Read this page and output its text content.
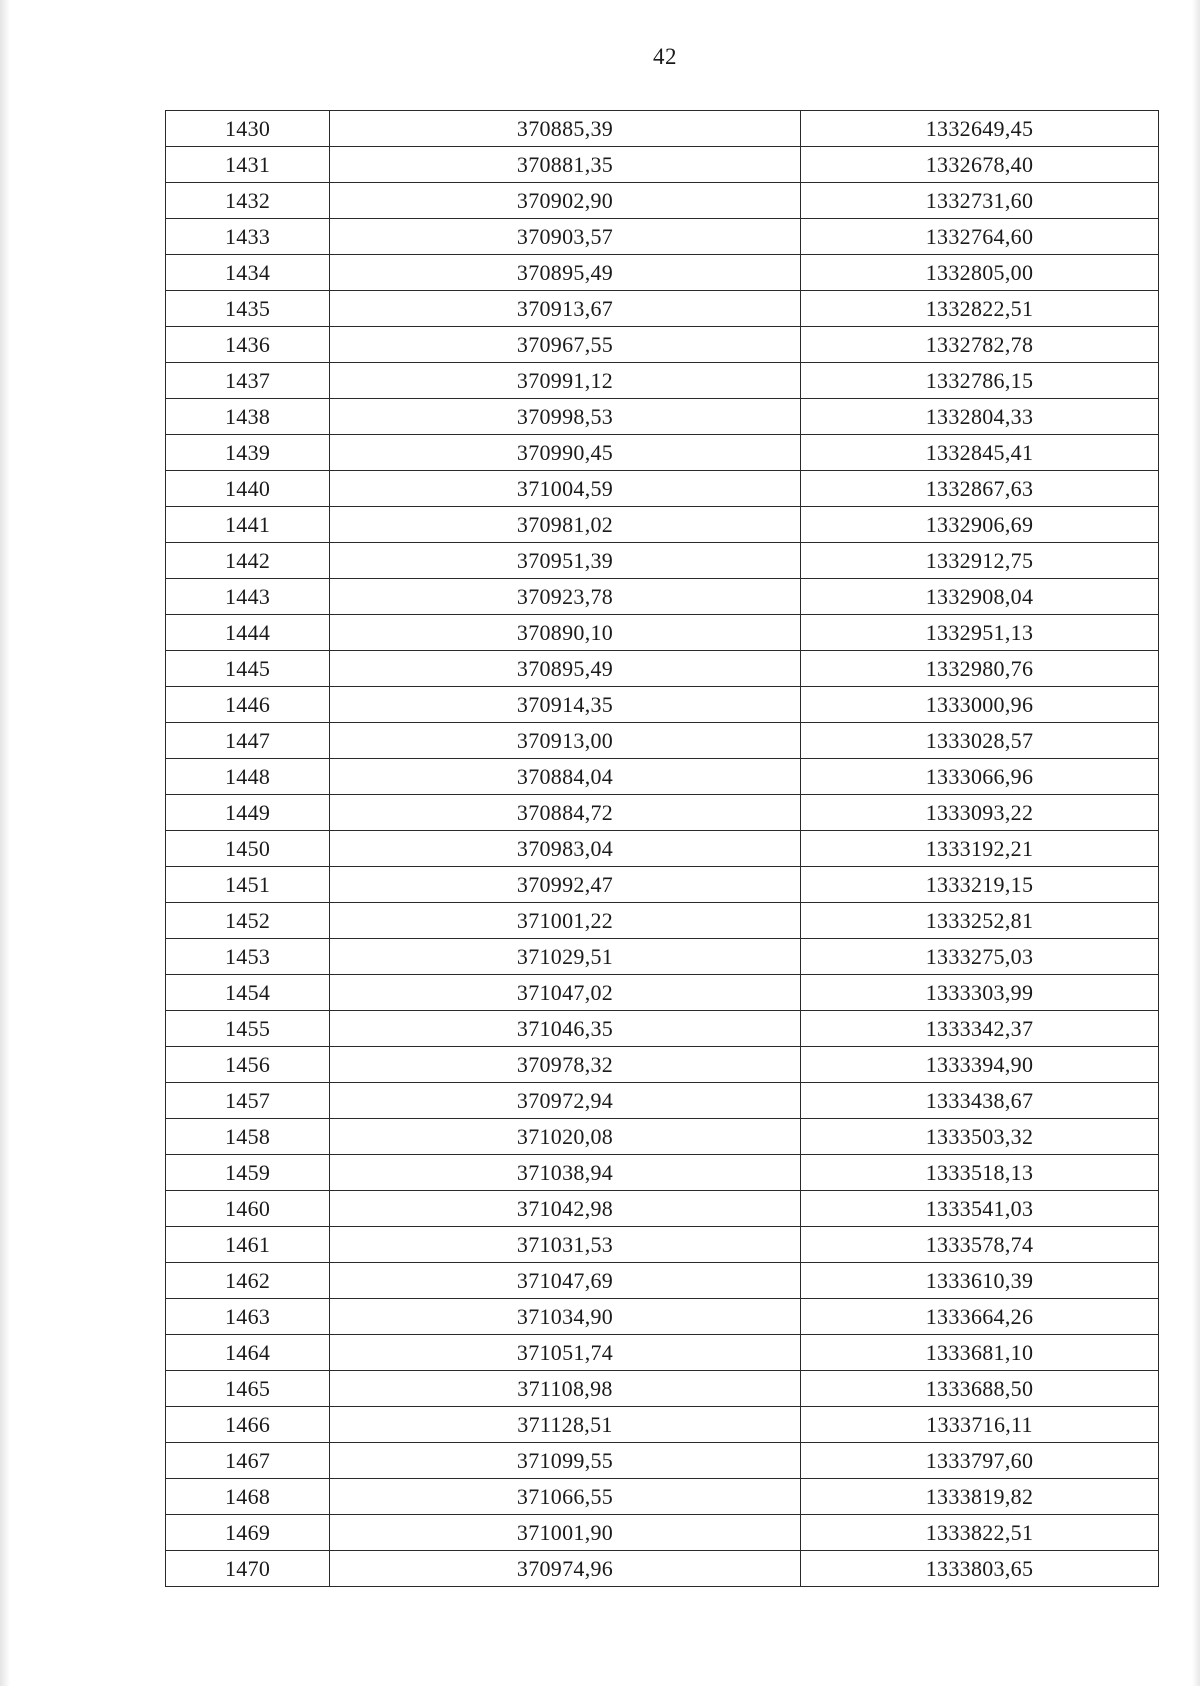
42
1430	370885,39	1332649,45
1431	370881,35	1332678,40
1432	370902,90	1332731,60
1433	370903,57	1332764,60
1434	370895,49	1332805,00
1435	370913,67	1332822,51
1436	370967,55	1332782,78
1437	370991,12	1332786,15
1438	370998,53	1332804,33
1439	370990,45	1332845,41
1440	371004,59	1332867,63
1441	370981,02	1332906,69
1442	370951,39	1332912,75
1443	370923,78	1332908,04
1444	370890,10	1332951,13
1445	370895,49	1332980,76
1446	370914,35	1333000,96
1447	370913,00	1333028,57
1448	370884,04	1333066,96
1449	370884,72	1333093,22
1450	370983,04	1333192,21
1451	370992,47	1333219,15
1452	371001,22	1333252,81
1453	371029,51	1333275,03
1454	371047,02	1333303,99
1455	371046,35	1333342,37
1456	370978,32	1333394,90
1457	370972,94	1333438,67
1458	371020,08	1333503,32
1459	371038,94	1333518,13
1460	371042,98	1333541,03
1461	371031,53	1333578,74
1462	371047,69	1333610,39
1463	371034,90	1333664,26
1464	371051,74	1333681,10
1465	371108,98	1333688,50
1466	371128,51	1333716,11
1467	371099,55	1333797,60
1468	371066,55	1333819,82
1469	371001,90	1333822,51
1470	370974,96	1333803,65
